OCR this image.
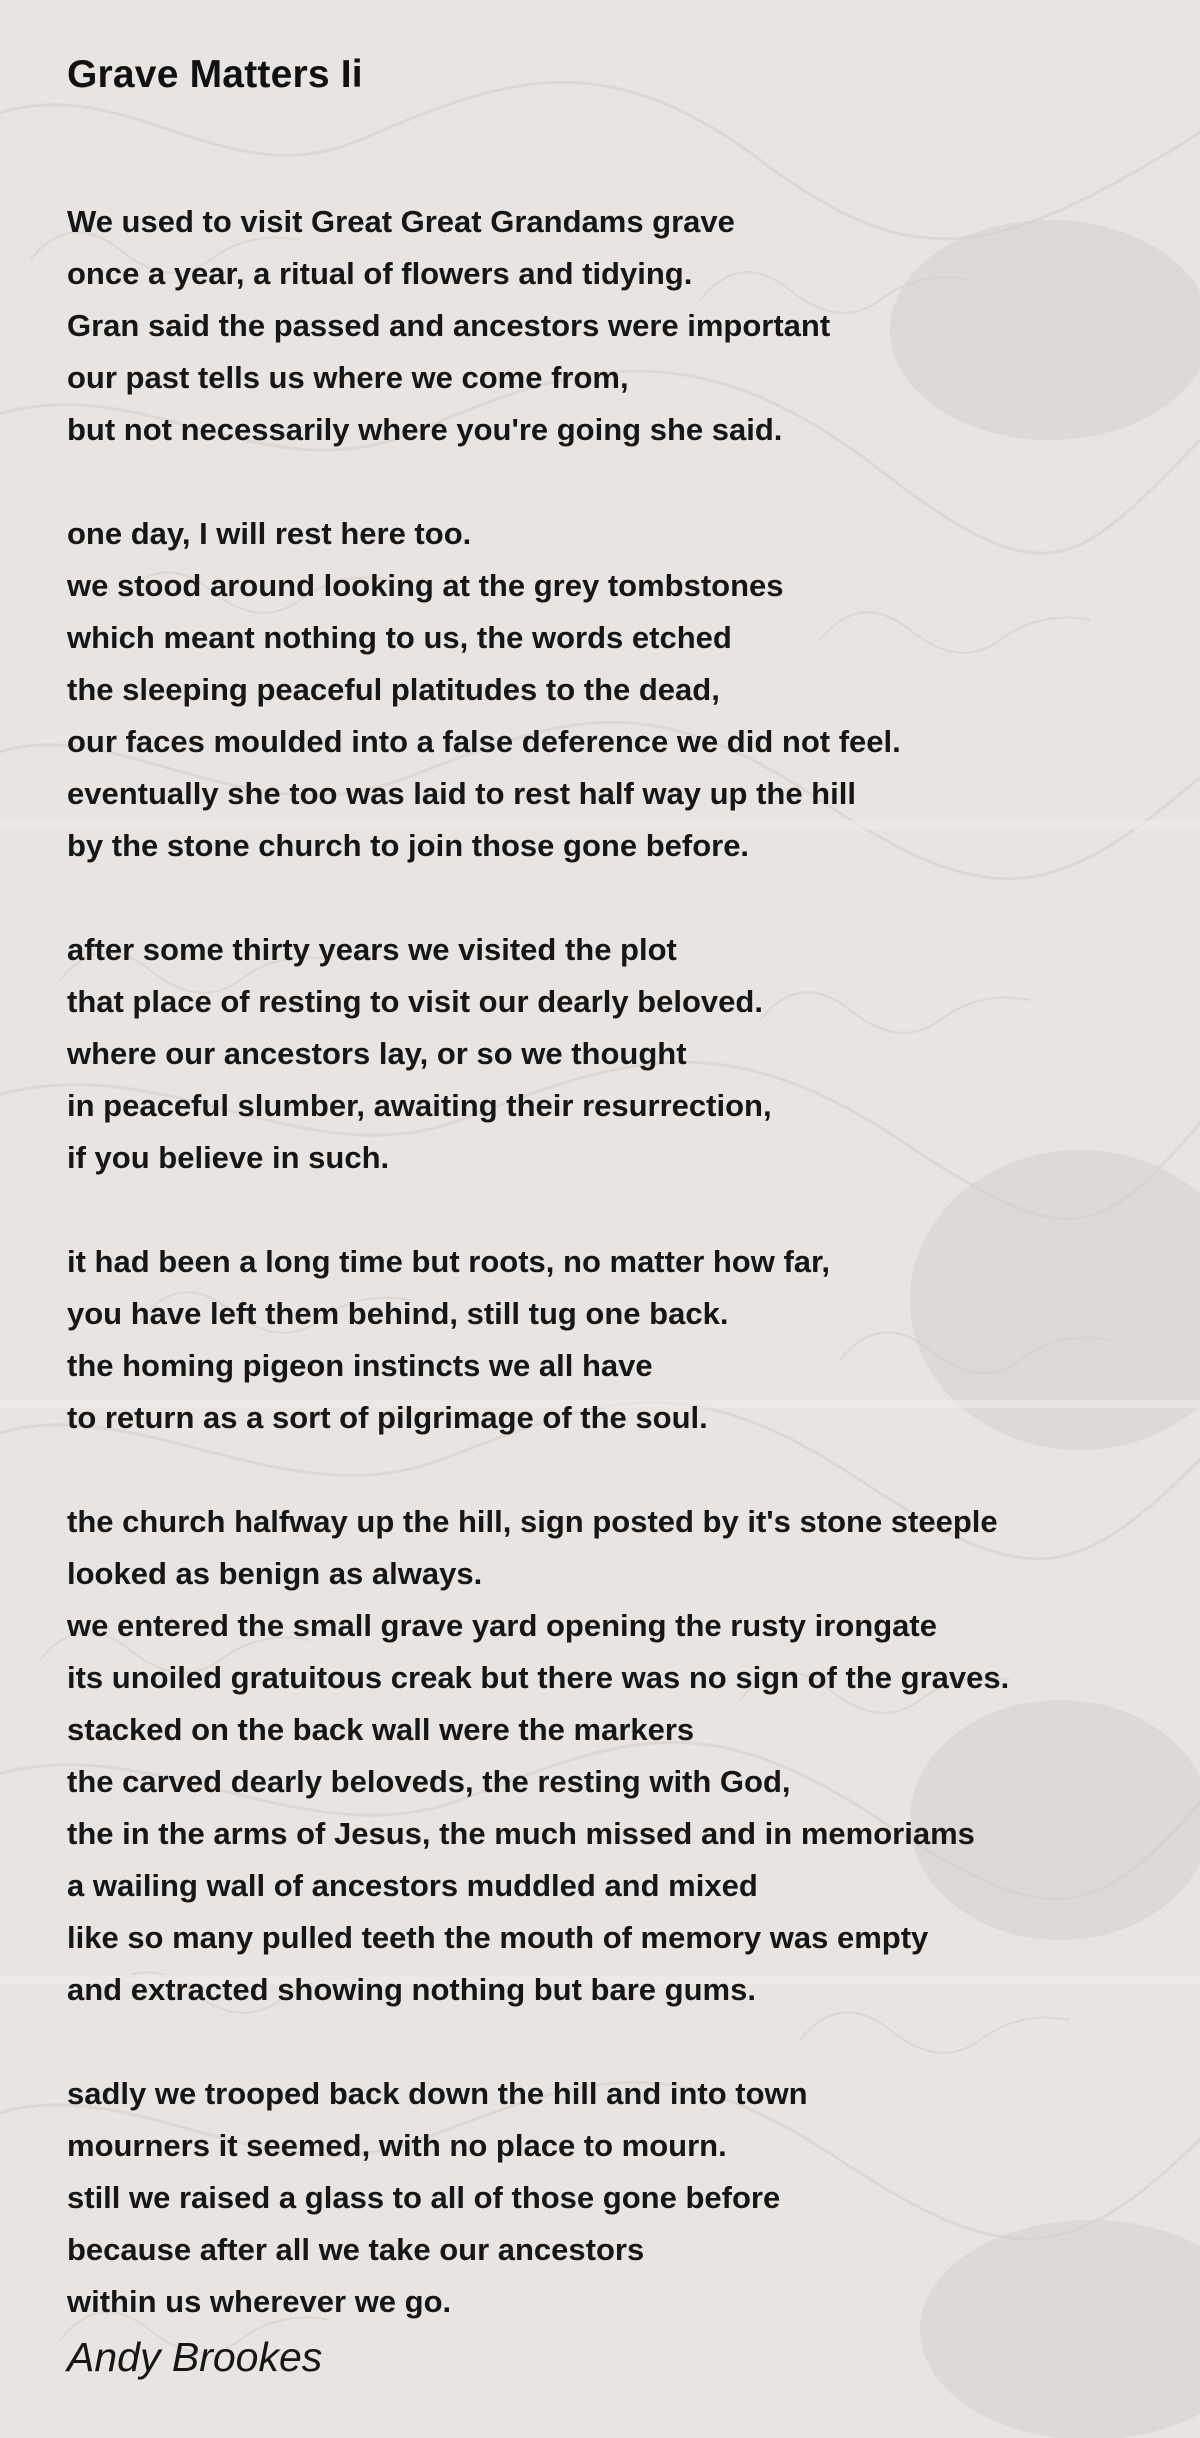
Grave Matters Ii
We used to visit Great Great Grandams grave
once a year, a ritual of flowers and tidying.
Gran said the passed and ancestors were important
our past tells us where we come from,
but not necessarily where you're going she said.
one day, I will rest here too.
we stood around looking at the grey tombstones
which meant nothing to us, the words etched
the sleeping peaceful platitudes to the dead,
our faces moulded into a false deference we did not feel.
eventually she too was laid to rest half way up the hill
by the stone church to join those gone before.
after some thirty years we visited the plot
that place of resting to visit our dearly beloved.
where our ancestors lay, or so we thought
in peaceful slumber, awaiting their resurrection,
if you believe in such.
it had been a long time but roots, no matter how far,
you have left them behind, still tug one back.
the homing pigeon instincts we all have
to return as a sort of pilgrimage of the soul.
the church halfway up the hill, sign posted by it's stone steeple
looked as benign as always.
we entered the small grave yard opening the rusty irongate
its unoiled gratuitous creak but there was no sign of the graves.
stacked on the back wall were the markers
the carved dearly beloveds, the resting with God,
the in the arms of Jesus, the much missed and in memoriams
a wailing wall of ancestors muddled and mixed
like so many pulled teeth the mouth of memory was empty
and extracted showing nothing but bare gums.
sadly we trooped back down the hill and into town
mourners it seemed, with no place to mourn.
still we raised a glass to all of those gone before
because after all we take our ancestors
within us wherever we go.
Andy Brookes
